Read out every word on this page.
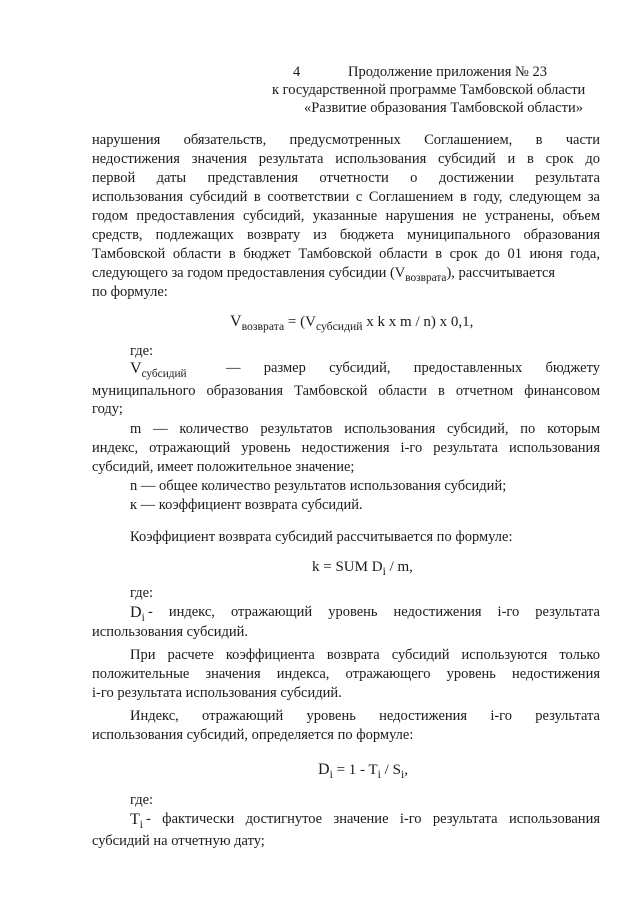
4	Продолжение приложения № 23
к государственной программе Тамбовской области
«Развитие образования Тамбовской области»
нарушения обязательств, предусмотренных Соглашением, в части
недостижения значения результата использования субсидий и в срок до
первой даты представления отчетности о достижении результата
использования субсидий в соответствии с Соглашением в году, следующем за
годом предоставления субсидий, указанные нарушения не устранены, объем
средств, подлежащих возврату из бюджета муниципального образования
Тамбовской области в бюджет Тамбовской области в срок до 01 июня года,
следующего за годом предоставления субсидии $(V_{возврата})$, рассчитывается
по формуле:
$V_{возврата} = (V_{субсидий}$ x k x m / n) x 0,1,
где:
$V_{субсидий}$	— размер субсидий, предоставленных бюджету
муниципального образования Тамбовской области в отчетном финансовом
году;
m — количество результатов использования субсидий, по которым
индекс, отражающий уровень недостижения i-го результата использования
субсидий, имеет положительное значение;
n — общее количество результатов использования субсидий;
к — коэффициент возврата субсидий.
Коэффициент возврата субсидий рассчитывается по формуле:
k = SUM $D_i$ / m,
где:
$D_i$ - индекс, отражающий уровень недостижения i-го результата
использования субсидий.
При расчете коэффициента возврата субсидий используются только
положительные значения индекса, отражающего уровень недостижения
i-го результата использования субсидий.
Индекс, отражающий уровень недостижения i-го результата
использования субсидий, определяется по формуле:
$D_i = 1 - T_i / S_i$,
где:
$T_i$ - фактически достигнутое значение i-го результата использования
субсидий на отчетную дату;
